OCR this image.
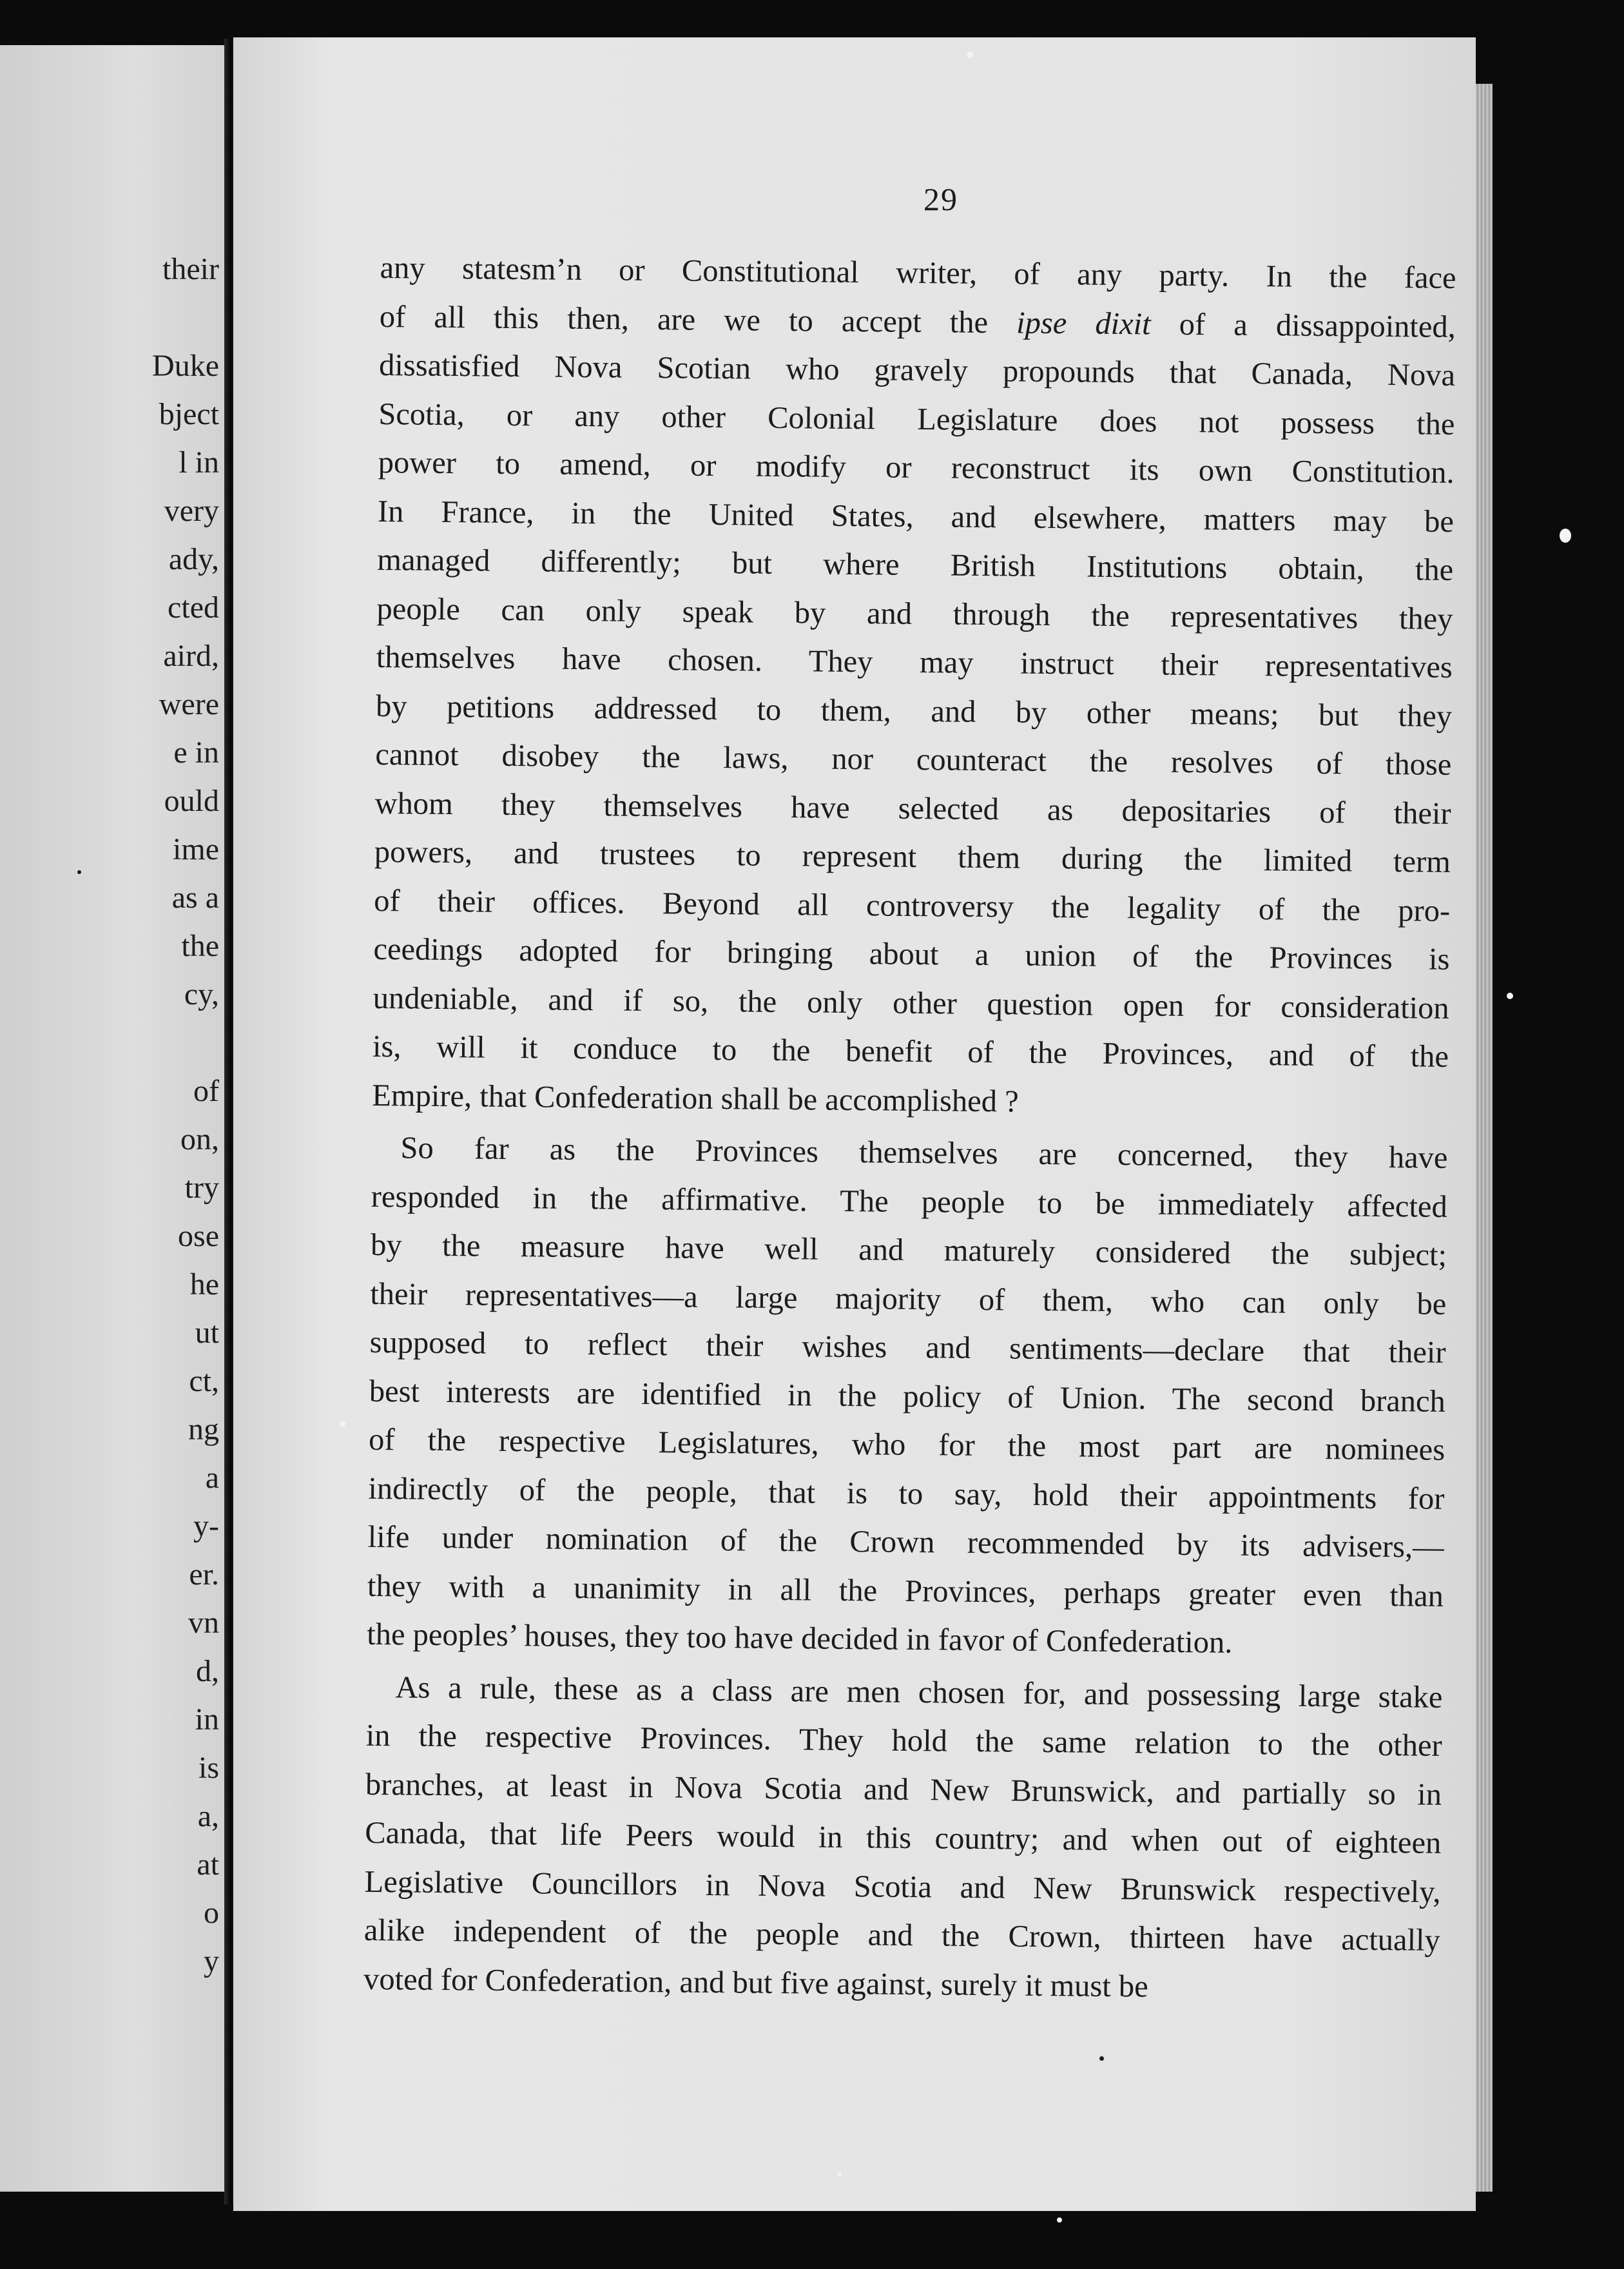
their
Duke
bject
l in
very
ady,
cted
aird,
were
e in
ould
ime
as a
the
cy,
of
on,
try
ose
he
ut
ct,
ng
a
y-
er.
vn
d,
in
is
a,
at
o
y
29
any statesm’n or Constitutional writer, of any party. In the face
of all this then, are we to accept the ipse dixit of a dissappointed,
dissatisfied Nova Scotian who gravely propounds that Canada, Nova
Scotia, or any other Colonial Legislature does not possess the
power to amend, or modify or reconstruct its own Constitution.
In France, in the United States, and elsewhere, matters may be
managed differently; but where British Institutions obtain, the
people can only speak by and through the representatives they
themselves have chosen. They may instruct their representatives
by petitions addressed to them, and by other means; but they
cannot disobey the laws, nor counteract the resolves of those
whom they themselves have selected as depositaries of their
powers, and trustees to represent them during the limited term
of their offices. Beyond all controversy the legality of the pro-
ceedings adopted for bringing about a union of the Provinces is
undeniable, and if so, the only other question open for consideration
is, will it conduce to the benefit of the Provinces, and of the
Empire, that Confederation shall be accomplished ?
So far as the Provinces themselves are concerned, they have
responded in the affirmative. The people to be immediately affected
by the measure have well and maturely considered the subject;
their representatives—a large majority of them, who can only be
supposed to reflect their wishes and sentiments—declare that their
best interests are identified in the policy of Union. The second branch
of the respective Legislatures, who for the most part are nominees
indirectly of the people, that is to say, hold their appointments for
life under nomination of the Crown recommended by its advisers,—
they with a unanimity in all the Provinces, perhaps greater even than
the peoples’ houses, they too have decided in favor of Confederation.
As a rule, these as a class are men chosen for, and possessing large stake
in the respective Provinces. They hold the same relation to the other
branches, at least in Nova Scotia and New Brunswick, and partially so in
Canada, that life Peers would in this country; and when out of eighteen
Legislative Councillors in Nova Scotia and New Brunswick respectively,
alike independent of the people and the Crown, thirteen have actually
voted for Confederation, and but five against, surely it must be
